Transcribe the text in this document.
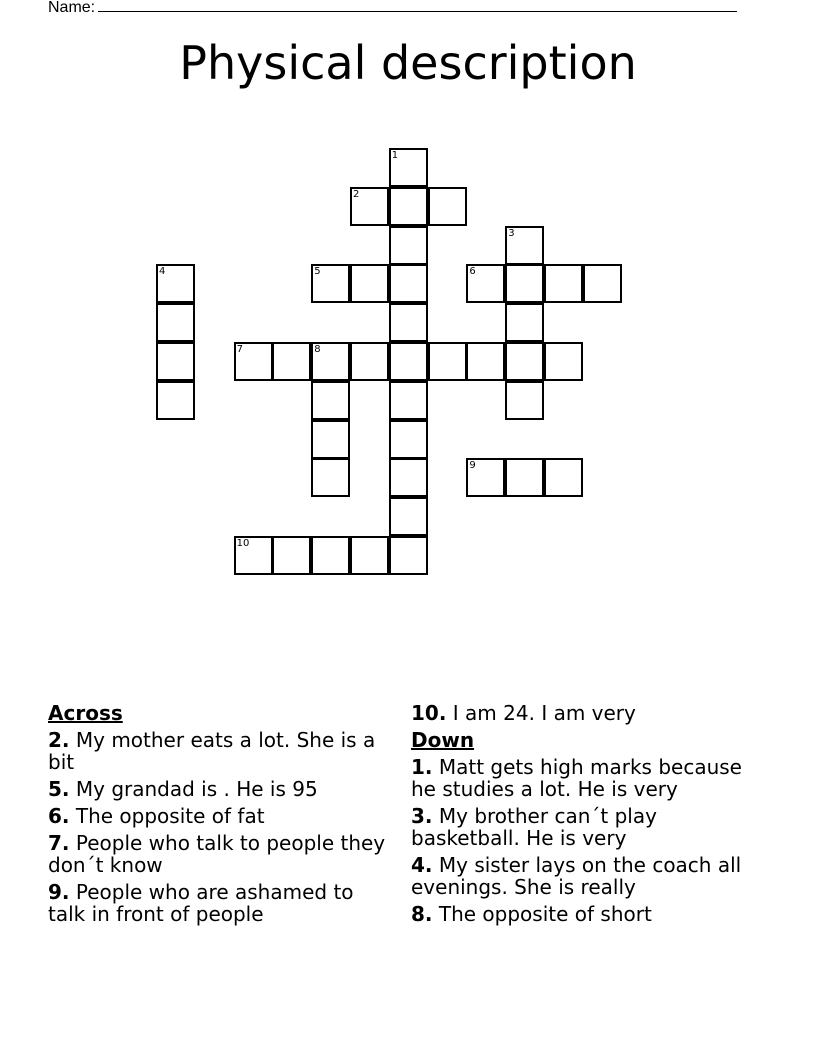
Name:
Physical description
1
2
3
4	5	6
7	8
9
10
Across
2. My mother eats a lot. She is a bit
5. My grandad is . He is 95
6. The opposite of fat
7. People who talk to people they don´t know
9. People who are ashamed to talk in front of people
10. I am 24. I am very
Down
1. Matt gets high marks because he studies a lot. He is very
3. My brother can´t play basketball. He is very
4. My sister lays on the coach all evenings. She is really
8. The opposite of short
